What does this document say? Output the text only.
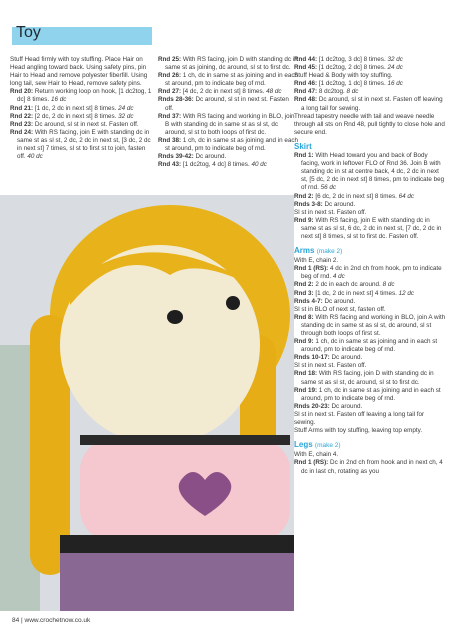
Toy
Stuff Head firmly with toy stuffing. Place Hair on Head angling toward back. Using safety pins, pin Hair to Head and remove polyester fiberfill. Using long tail, sew Hair to Head, remove safety pins.
Rnd 20: Return working loop on hook, [1 dc2tog, 1 dc] 8 times. 16 dc
Rnd 21: [1 dc, 2 dc in next st] 8 times. 24 dc
Rnd 22: [2 dc, 2 dc in next st] 8 times. 32 dc
Rnd 23: Dc around, sl st in next st. Fasten off.
Rnd 24: With RS facing, join E with standing dc in same st as sl st, 2 dc, 2 dc in next st, [3 dc, 2 dc in next st] 7 times, sl st to first st to join, fasten off. 40 dc
Rnd 25: With RS facing, join D with standing dc in same st as joining, dc around, sl st to first dc.
Rnd 26: 1 ch, dc in same st as joining and in each st around, pm to indicate beg of rnd.
Rnd 27: [4 dc, 2 dc in next st] 8 times. 48 dc
Rnds 28-36: Dc around, sl st in next st. Fasten off.
Rnd 37: With RS facing and working in BLO, join B with standing dc in same st as sl st, dc around, sl st to both loops of first dc.
Rnd 38: 1 ch, dc in same st as joining and in each st around, pm to indicate beg of rnd.
Rnds 39-42: Dc around.
Rnd 43: [1 dc2tog, 4 dc] 8 times. 40 dc
Rnd 44: [1 dc2tog, 3 dc] 8 times. 32 dc
Rnd 45: [1 dc2tog, 2 dc] 8 times. 24 dc
Stuff Head & Body with toy stuffing.
Rnd 46: [1 dc2tog, 1 dc] 8 times. 16 dc
Rnd 47: 8 dc2tog. 8 dc
Rnd 48: Dc around, sl st in next st. Fasten off leaving a long tail for sewing.
Thread tapestry needle with tail and weave needle through all sts on Rnd 48, pull tightly to close hole and secure end.
Skirt
Rnd 1: With Head toward you and back of Body facing, work in leftover FLO of Rnd 36. Join B with standing dc in st at centre back, 4 dc, 2 dc in next st, [5 dc, 2 dc in next st] 8 times, pm to indicate beg of rnd. 56 dc
Rnd 2: [6 dc, 2 dc in next st] 8 times. 64 dc
Rnds 3-8: Dc around.
Sl st in next st. Fasten off.
Rnd 9: With RS facing, join E with standing dc in same st as sl st, 6 dc, 2 dc in next st, [7 dc, 2 dc in next st] 8 times, sl st to first dc. Fasten off.
Arms (make 2)
With E, chain 2.
Rnd 1 (RS): 4 dc in 2nd ch from hook, pm to indicate beg of rnd. 4 dc
Rnd 2: 2 dc in each dc around. 8 dc
Rnd 3: [1 dc, 2 dc in next st] 4 times. 12 dc
Rnds 4-7: Dc around.
Sl st in BLO of next st, fasten off.
Rnd 8: With RS facing and working in BLO, join A with standing dc in same st as sl st, dc around, sl st through both loops of first st.
Rnd 9: 1 ch, dc in same st as joining and in each st around, pm to indicate beg of rnd.
Rnds 10-17: Dc around.
Sl st in next st. Fasten off.
Rnd 18: With RS facing, join D with standing dc in same st as sl st, dc around, sl st to first dc.
Rnd 19: 1 ch, dc in same st as joining and in each st around, pm to indicate beg of rnd.
Rnds 20-23: Dc around.
Sl st in next st. Fasten off leaving a long tail for sewing.
Stuff Arms with toy stuffing, leaving top empty.
Legs (make 2)
With E, chain 4.
Rnd 1 (RS): Dc in 2nd ch from hook and in next ch, 4 dc in last ch, rotating as you
84 | www.crochetnow.co.uk
